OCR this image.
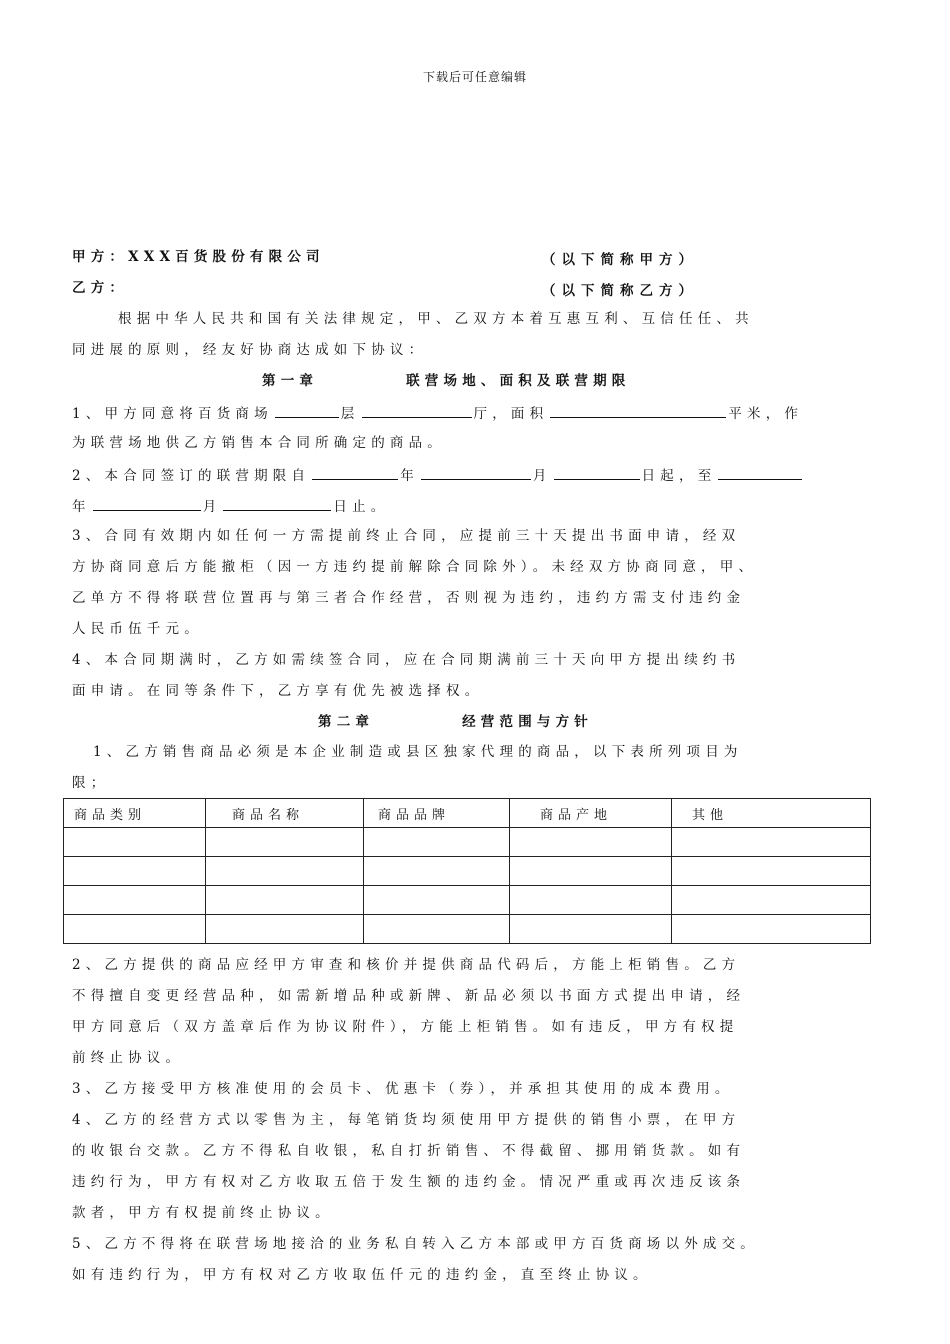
下载后可任意编辑
甲方：XXX百货股份有限公司	（以下简称甲方）
乙方：	（以下简称乙方）
根据中华人民共和国有关法律规定，甲、乙双方本着互惠互利、互信任任、共
同进展的原则，经友好协商达成如下协议：
第一章	联营场地、面积及联营期限
1、甲方同意将百货商场	层	厅，面积	平米，作
为联营场地供乙方销售本合同所确定的商品。
2、本合同签订的联营期限自	年	月	日起，至
年	月	日止。
3、合同有效期内如任何一方需提前终止合同，应提前三十天提出书面申请，经双
方协商同意后方能撤柜（因一方违约提前解除合同除外）。未经双方协商同意，甲、
乙单方不得将联营位置再与第三者合作经营，否则视为违约，违约方需支付违约金
人民币伍千元。
4、本合同期满时，乙方如需续签合同，应在合同期满前三十天向甲方提出续约书
面申请。在同等条件下，乙方享有优先被选择权。
第二章	经营范围与方针
1、乙方销售商品必须是本企业制造或县区独家代理的商品，以下表所列项目为
限；
商品类别	商品名称	商品品牌	商品产地	其他

2、乙方提供的商品应经甲方审查和核价并提供商品代码后，方能上柜销售。乙方
不得擅自变更经营品种，如需新增品种或新牌、新品必须以书面方式提出申请，经
甲方同意后（双方盖章后作为协议附件），方能上柜销售。如有违反，甲方有权提
前终止协议。
3、乙方接受甲方核准使用的会员卡、优惠卡（券），并承担其使用的成本费用。
4、乙方的经营方式以零售为主，每笔销货均须使用甲方提供的销售小票，在甲方
的收银台交款。乙方不得私自收银，私自打折销售、不得截留、挪用销货款。如有
违约行为，甲方有权对乙方收取五倍于发生额的违约金。情况严重或再次违反该条
款者，甲方有权提前终止协议。
5、乙方不得将在联营场地接洽的业务私自转入乙方本部或甲方百货商场以外成交。
如有违约行为，甲方有权对乙方收取伍仟元的违约金，直至终止协议。
